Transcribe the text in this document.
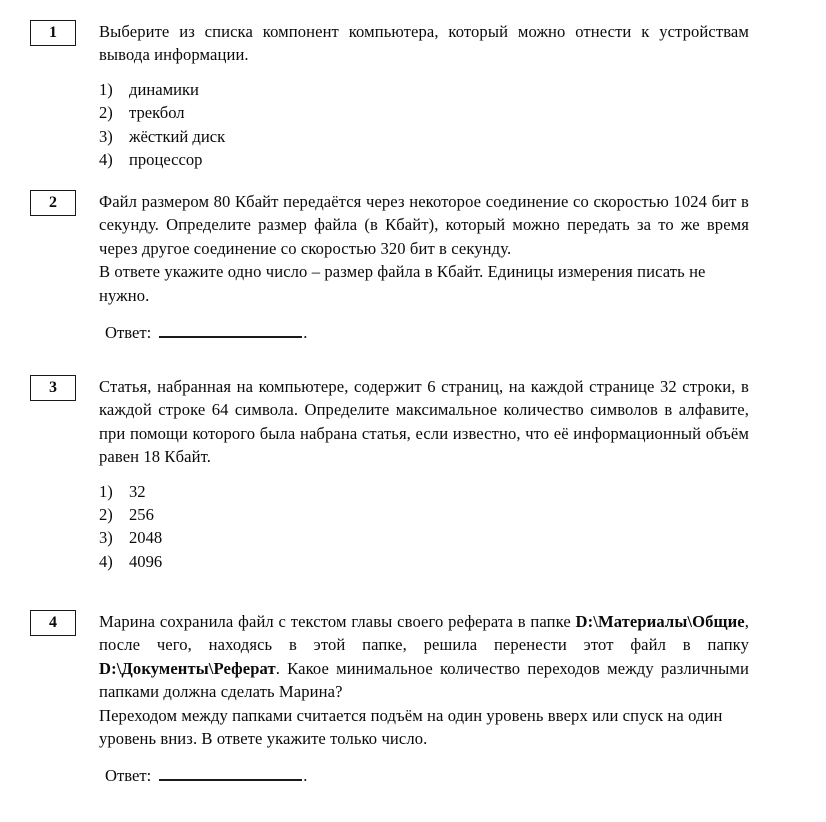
1	Выберите из списка компонент компьютера, который можно отнести к устройствам вывода информации.

1) динамики
2) трекбол
3) жёсткий диск
4) процессор
2	Файл размером 80 Кбайт передаётся через некоторое соединение со скоростью 1024 бит в секунду. Определите размер файла (в Кбайт), который можно передать за то же время через другое соединение со скоростью 320 бит в секунду.

В ответе укажите одно число – размер файла в Кбайт. Единицы измерения писать не нужно.

Ответ:	.
3	Статья, набранная на компьютере, содержит 6 страниц, на каждой странице 32 строки, в каждой строке 64 символа. Определите максимальное количество символов в алфавите, при помощи которого была набрана статья, если известно, что её информационный объём равен 18 Кбайт.

1) 32
2) 256
3) 2048
4) 4096
4	Марина сохранила файл с текстом главы своего реферата в папке D:\Материалы\Общие, после чего, находясь в этой папке, решила перенести этот файл в папку D:\Документы\Реферат. Какое минимальное количество переходов между различными папками должна сделать Марина?

Переходом между папками считается подъём на один уровень вверх или спуск на один уровень вниз. В ответе укажите только число.

Ответ:	.
